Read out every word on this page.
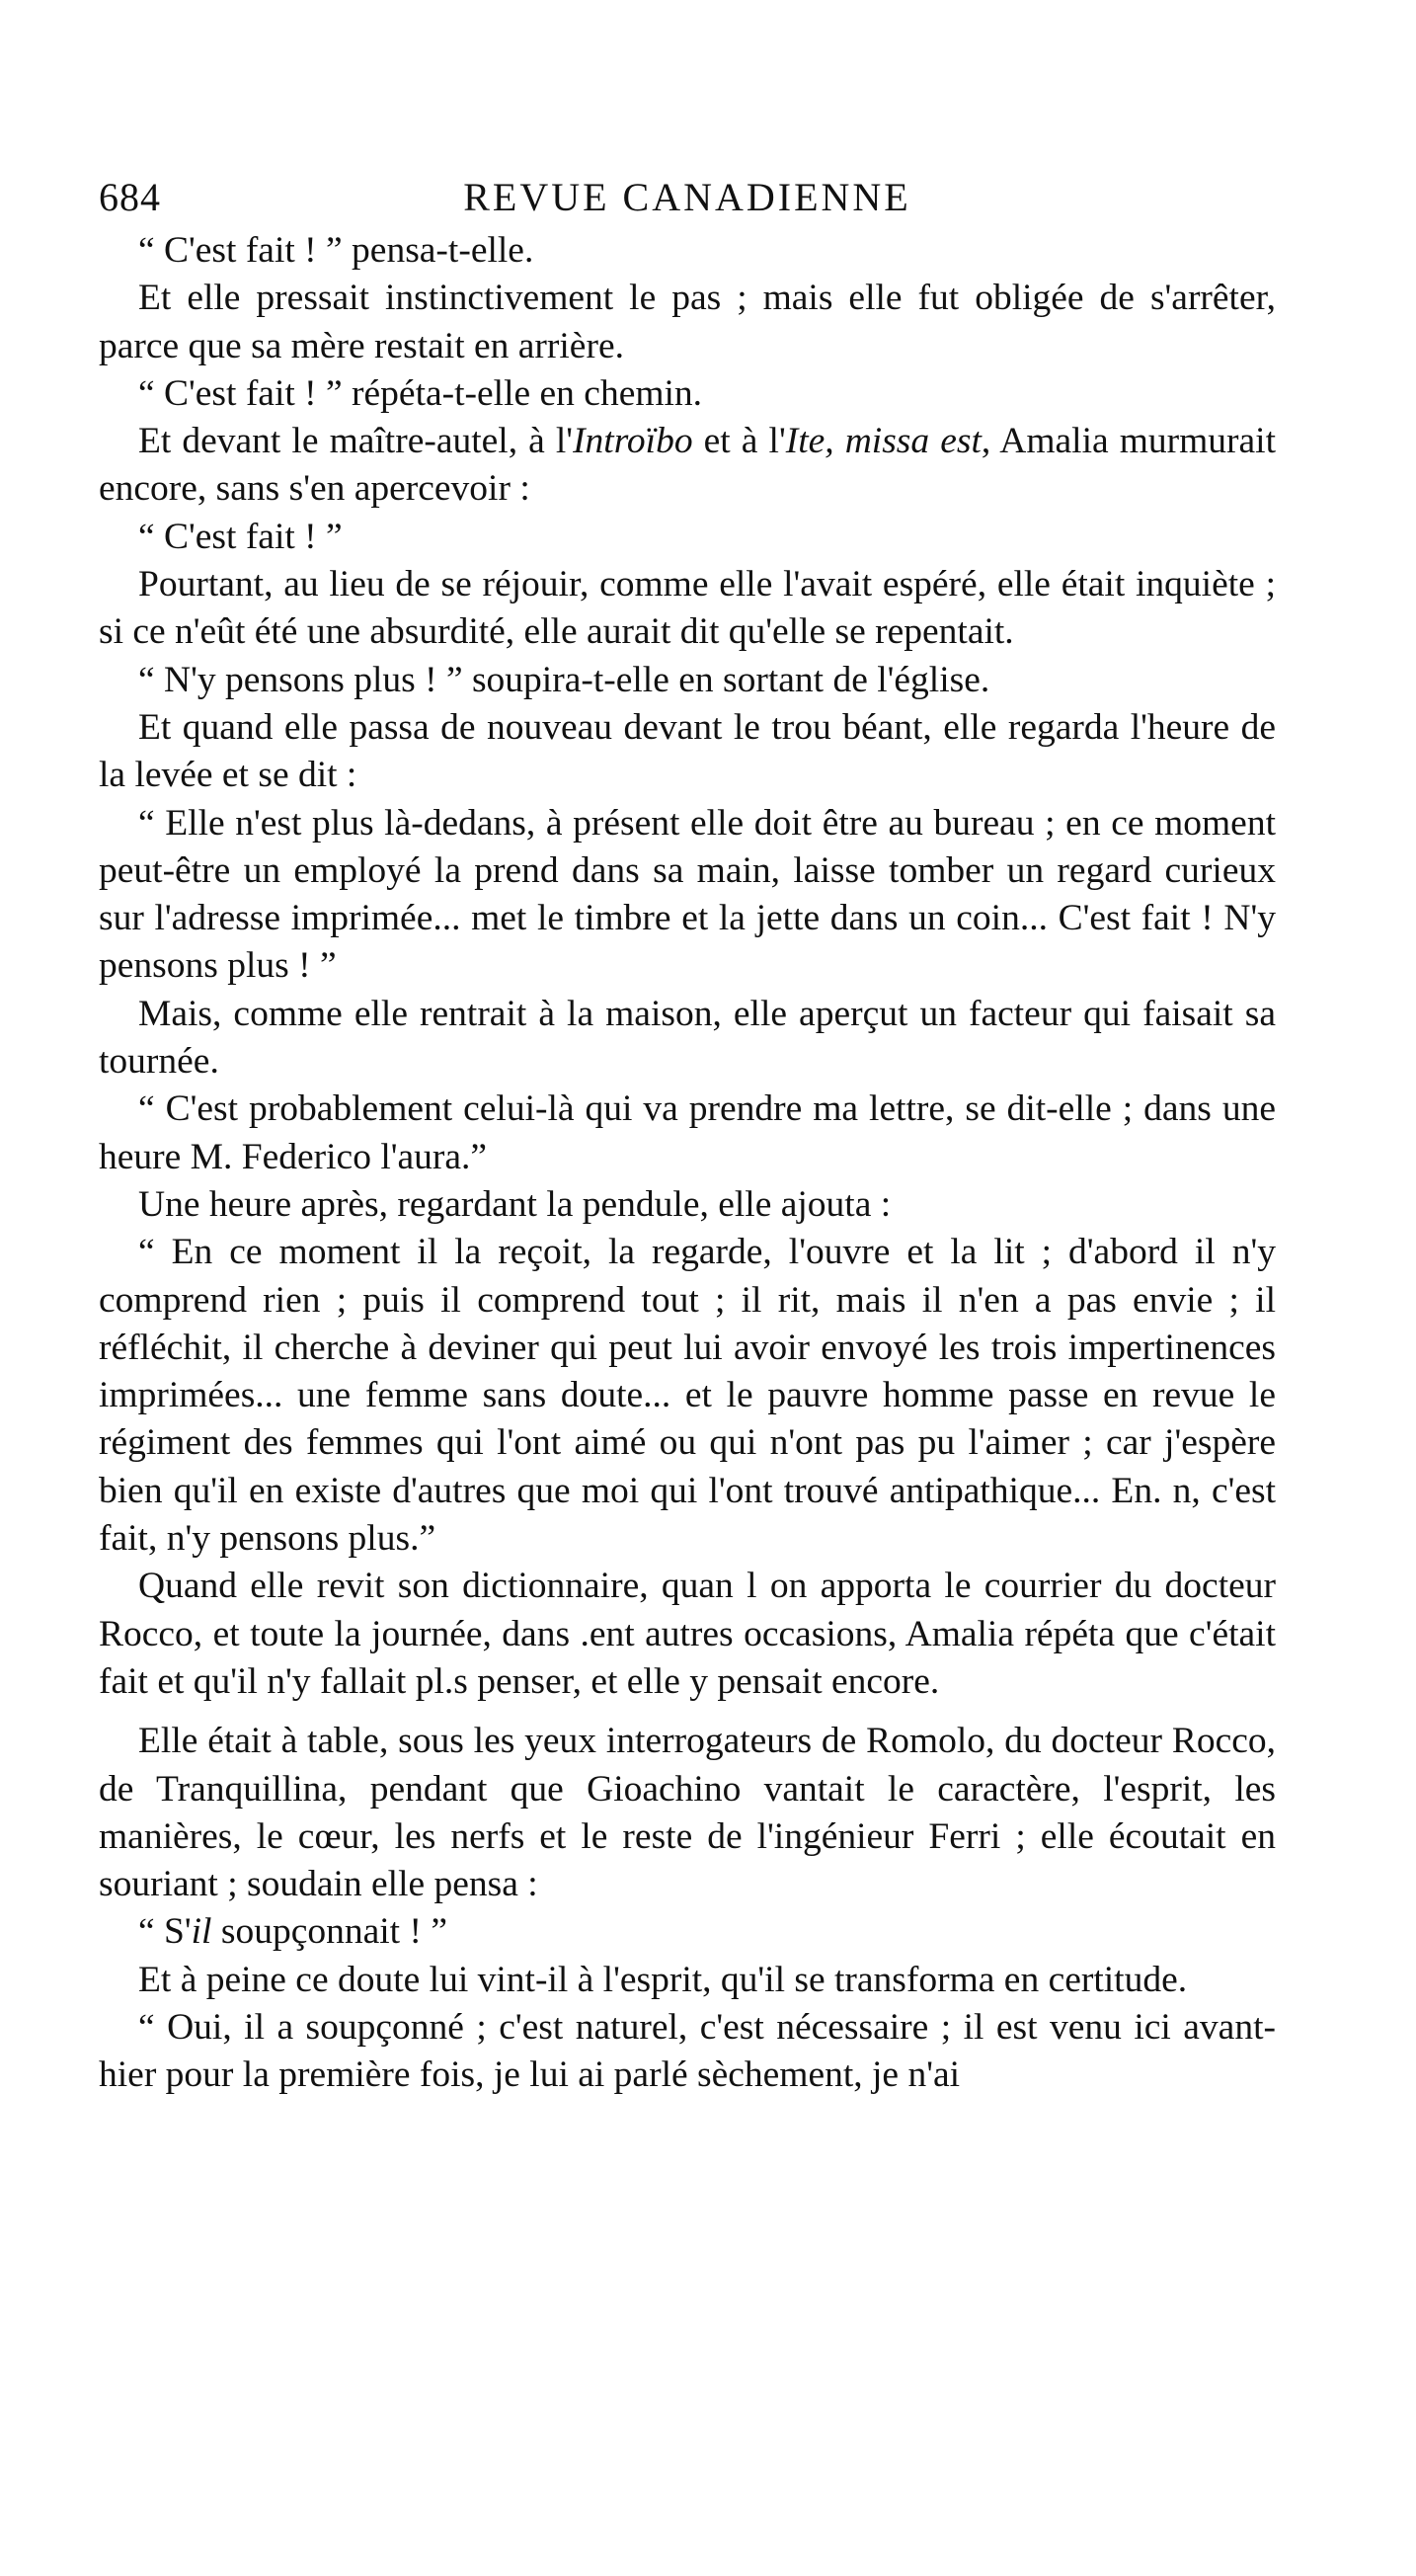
684	REVUE CANADIENNE

“ C'est fait ! ” pensa-t-elle.

Et elle pressait instinctivement le pas ; mais elle fut obligée de s'arrêter, parce que sa mère restait en arrière.

“ C'est fait ! ” répéta-t-elle en chemin.

Et devant le maître-autel, à l'Introïbo et à l'Ite, missa est, Amalia murmurait encore, sans s'en apercevoir :

“ C'est fait ! ”

Pourtant, au lieu de se réjouir, comme elle l'avait espéré, elle était inquiète ; si ce n'eût été une absurdité, elle aurait dit qu'elle se repentait.

“ N'y pensons plus ! ” soupira-t-elle en sortant de l'église.

Et quand elle passa de nouveau devant le trou béant, elle regarda l'heure de la levée et se dit :

“ Elle n'est plus là-dedans, à présent elle doit être au bureau ; en ce moment peut-être un employé la prend dans sa main, laisse tomber un regard curieux sur l'adresse imprimée... met le timbre et la jette dans un coin... C'est fait ! N'y pensons plus ! ”

Mais, comme elle rentrait à la maison, elle aperçut un facteur qui faisait sa tournée.

“ C'est probablement celui-là qui va prendre ma lettre, se dit-elle ; dans une heure M. Federico l'aura.”

Une heure après, regardant la pendule, elle ajouta :

“ En ce moment il la reçoit, la regarde, l'ouvre et la lit ; d'abord il n'y comprend rien ; puis il comprend tout ; il rit, mais il n'en a pas envie ; il réfléchit, il cherche à deviner qui peut lui avoir envoyé les trois impertinences imprimées... une femme sans doute... et le pauvre homme passe en revue le régiment des femmes qui l'ont aimé ou qui n'ont pas pu l'aimer ; car j'espère bien qu'il en existe d'autres que moi qui l'ont trouvé antipathique... En. n, c'est fait, n'y pensons plus.”

Quand elle revit son dictionnaire, quan l on apporta le courrier du docteur Rocco, et toute la journée, dans .ent autres occasions, Amalia répéta que c'était fait et qu'il n'y fallait pl.s penser, et elle y pensait encore.

Elle était à table, sous les yeux interrogateurs de Romolo, du docteur Rocco, de Tranquillina, pendant que Gioachino vantait le caractère, l'esprit, les manières, le cœur, les nerfs et le reste de l'ingénieur Ferri ; elle écoutait en souriant ; soudain elle pensa :

“ S'il soupçonnait ! ”

Et à peine ce doute lui vint-il à l'esprit, qu'il se transforma en certitude.

“ Oui, il a soupçonné ; c'est naturel, c'est nécessaire ; il est venu ici avant-hier pour la première fois, je lui ai parlé sèchement, je n'ai
